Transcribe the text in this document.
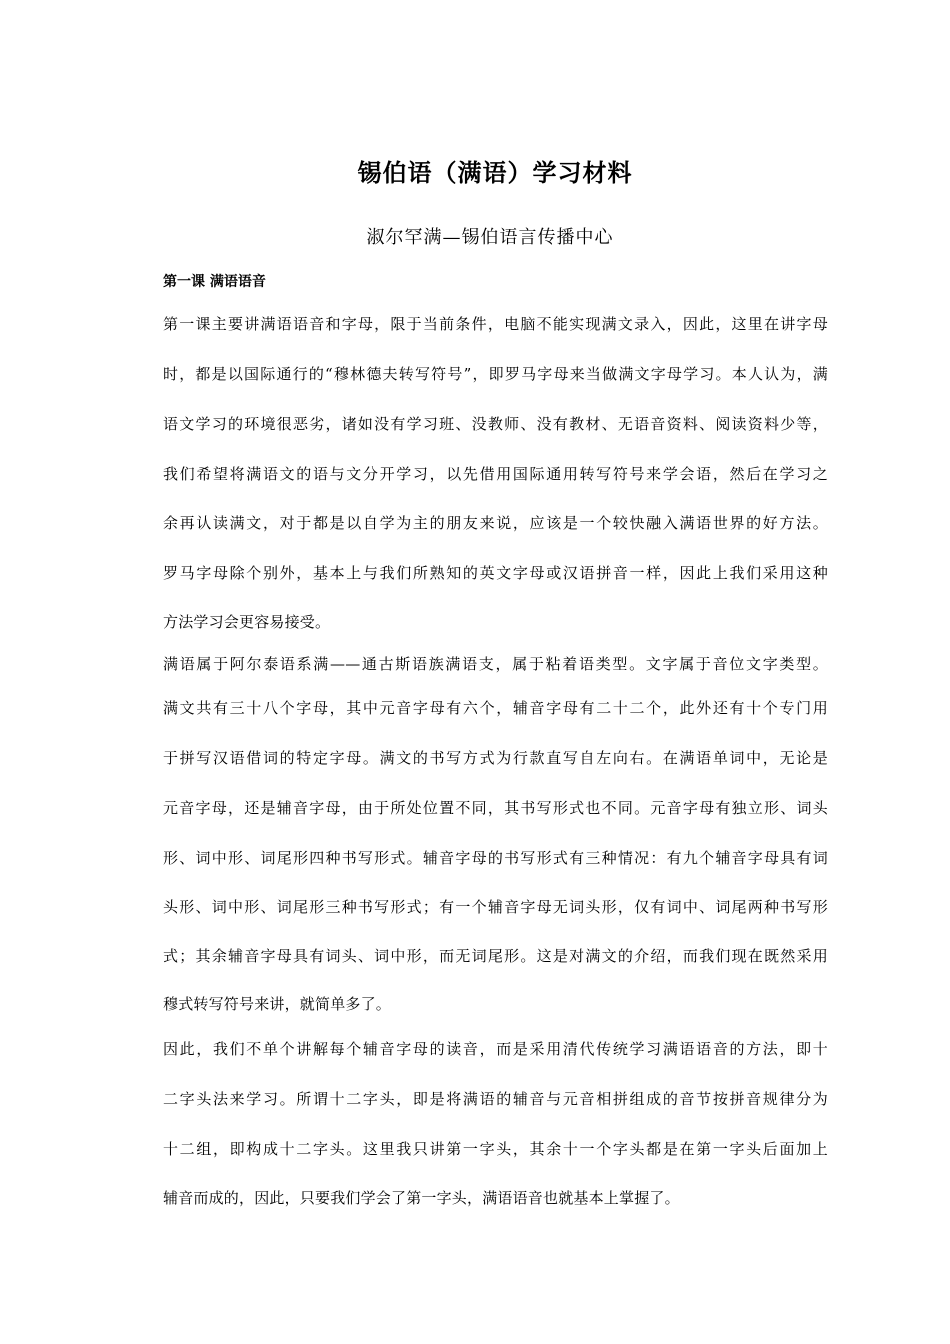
锡伯语（满语）学习材料
淑尔罕满—锡伯语言传播中心
第一课 满语语音
第一课主要讲满语语音和字母，限于当前条件，电脑不能实现满文录入，因此，这里在讲字母
时，都是以国际通行的“穆林德夫转写符号”，即罗马字母来当做满文字母学习。本人认为，满
语文学习的环境很恶劣，诸如没有学习班、没教师、没有教材、无语音资料、阅读资料少等，
我们希望将满语文的语与文分开学习，以先借用国际通用转写符号来学会语，然后在学习之
余再认读满文，对于都是以自学为主的朋友来说，应该是一个较快融入满语世界的好方法。
罗马字母除个别外，基本上与我们所熟知的英文字母或汉语拼音一样，因此上我们采用这种
方法学习会更容易接受。
满语属于阿尔泰语系满——通古斯语族满语支，属于粘着语类型。文字属于音位文字类型。
满文共有三十八个字母，其中元音字母有六个，辅音字母有二十二个，此外还有十个专门用
于拼写汉语借词的特定字母。满文的书写方式为行款直写自左向右。在满语单词中，无论是
元音字母，还是辅音字母，由于所处位置不同，其书写形式也不同。元音字母有独立形、词头
形、词中形、词尾形四种书写形式。辅音字母的书写形式有三种情况：有九个辅音字母具有词
头形、词中形、词尾形三种书写形式；有一个辅音字母无词头形，仅有词中、词尾两种书写形
式；其余辅音字母具有词头、词中形，而无词尾形。这是对满文的介绍，而我们现在既然采用
穆式转写符号来讲，就简单多了。
因此，我们不单个讲解每个辅音字母的读音，而是采用清代传统学习满语语音的方法，即十
二字头法来学习。所谓十二字头，即是将满语的辅音与元音相拼组成的音节按拼音规律分为
十二组，即构成十二字头。这里我只讲第一字头，其余十一个字头都是在第一字头后面加上
辅音而成的，因此，只要我们学会了第一字头，满语语音也就基本上掌握了。
